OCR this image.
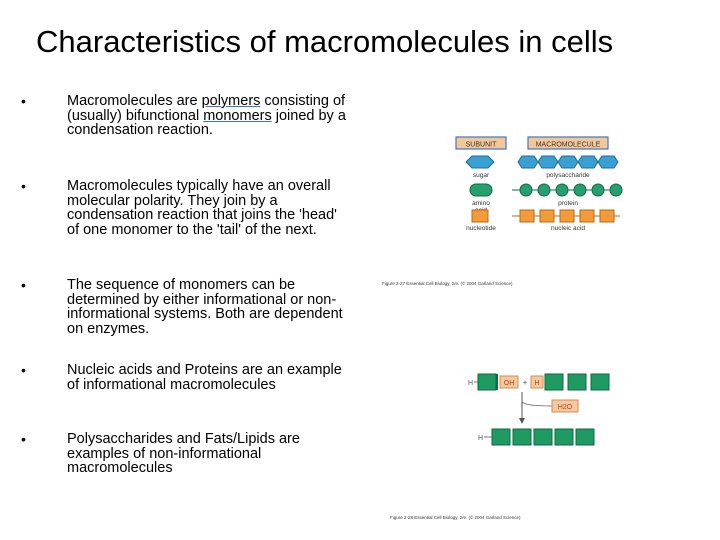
Characteristics of macromolecules in cells
•	Macromolecules are polymers consisting of (usually) bifunctional monomers joined by a condensation reaction.
•	Macromolecules typically have an overall molecular polarity. They join by a condensation reaction that joins the 'head' of one monomer to the 'tail' of the next.
•	The sequence of monomers can be determined by either informational or non- informational systems. Both are dependent on enzymes.
•	Nucleic acids and Proteins are an example of informational macromolecules
•	Polysaccharides and Fats/Lipids are examples of non-informational macromolecules
SUBUNIT	MACROMOLECULE
sugar	polysaccharide
amino	protein
nucleotide	nucleic acid
Figure 2-27 Essential Cell Biology, 2/e. (© 2004 Garland Science)
H	OH + H
H2O
H
Figure 2-28 Essential Cell Biology, 2/e. (© 2004 Garland Science)
